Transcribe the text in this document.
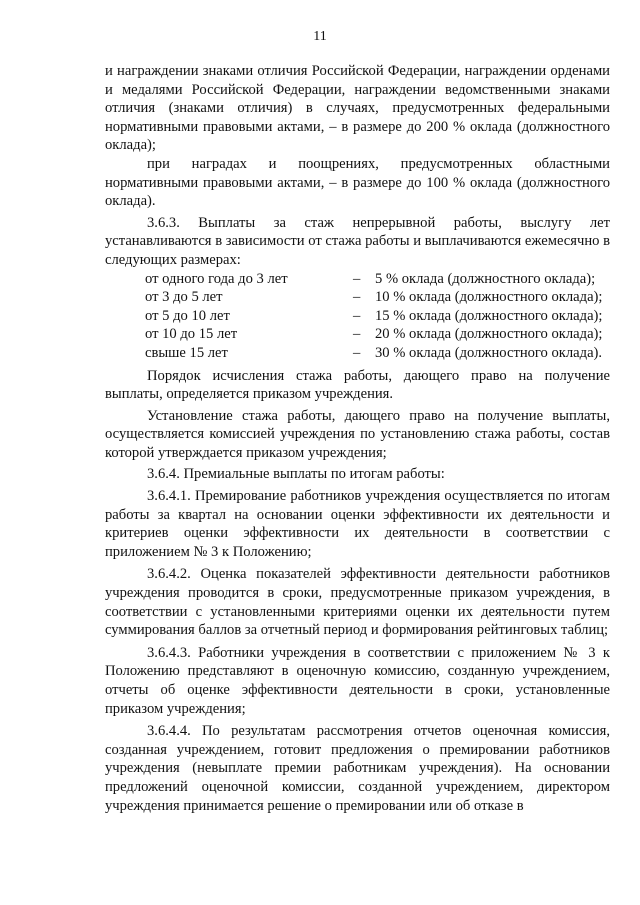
11

и награждении знаками отличия Российской Федерации, награждении орденами и медалями Российской Федерации, награждении ведомственными знаками отличия (знаками отличия) в случаях, предусмотренных федеральными нормативными правовыми актами, – в размере до 200 % оклада (должностного оклада);

при наградах и поощрениях, предусмотренных областными нормативными правовыми актами, – в размере до 100 % оклада (должностного оклада).

3.6.3. Выплаты за стаж непрерывной работы, выслугу лет устанавливаются в зависимости от стажа работы и выплачиваются ежемесячно в следующих размерах:

от одного года до 3 лет	– 5 % оклада (должностного оклада);
от 3 до 5 лет	– 10 % оклада (должностного оклада);
от 5 до 10 лет	– 15 % оклада (должностного оклада);
от 10 до 15 лет	– 20 % оклада (должностного оклада);
свыше 15 лет	– 30 % оклада (должностного оклада).

Порядок исчисления стажа работы, дающего право на получение выплаты, определяется приказом учреждения.

Установление стажа работы, дающего право на получение выплаты, осуществляется комиссией учреждения по установлению стажа работы, состав которой утверждается приказом учреждения;

3.6.4. Премиальные выплаты по итогам работы:

3.6.4.1. Премирование работников учреждения осуществляется по итогам работы за квартал на основании оценки эффективности их деятельности и критериев оценки эффективности их деятельности в соответствии с приложением № 3 к Положению;

3.6.4.2. Оценка показателей эффективности деятельности работников учреждения проводится в сроки, предусмотренные приказом учреждения, в соответствии с установленными критериями оценки их деятельности путем суммирования баллов за отчетный период и формирования рейтинговых таблиц;

3.6.4.3. Работники учреждения в соответствии с приложением № 3 к Положению представляют в оценочную комиссию, созданную учреждением, отчеты об оценке эффективности деятельности в сроки, установленные приказом учреждения;

3.6.4.4. По результатам рассмотрения отчетов оценочная комиссия, созданная учреждением, готовит предложения о премировании работников учреждения (невыплате премии работникам учреждения). На основании предложений оценочной комиссии, созданной учреждением, директором учреждения принимается решение о премировании или об отказе в
